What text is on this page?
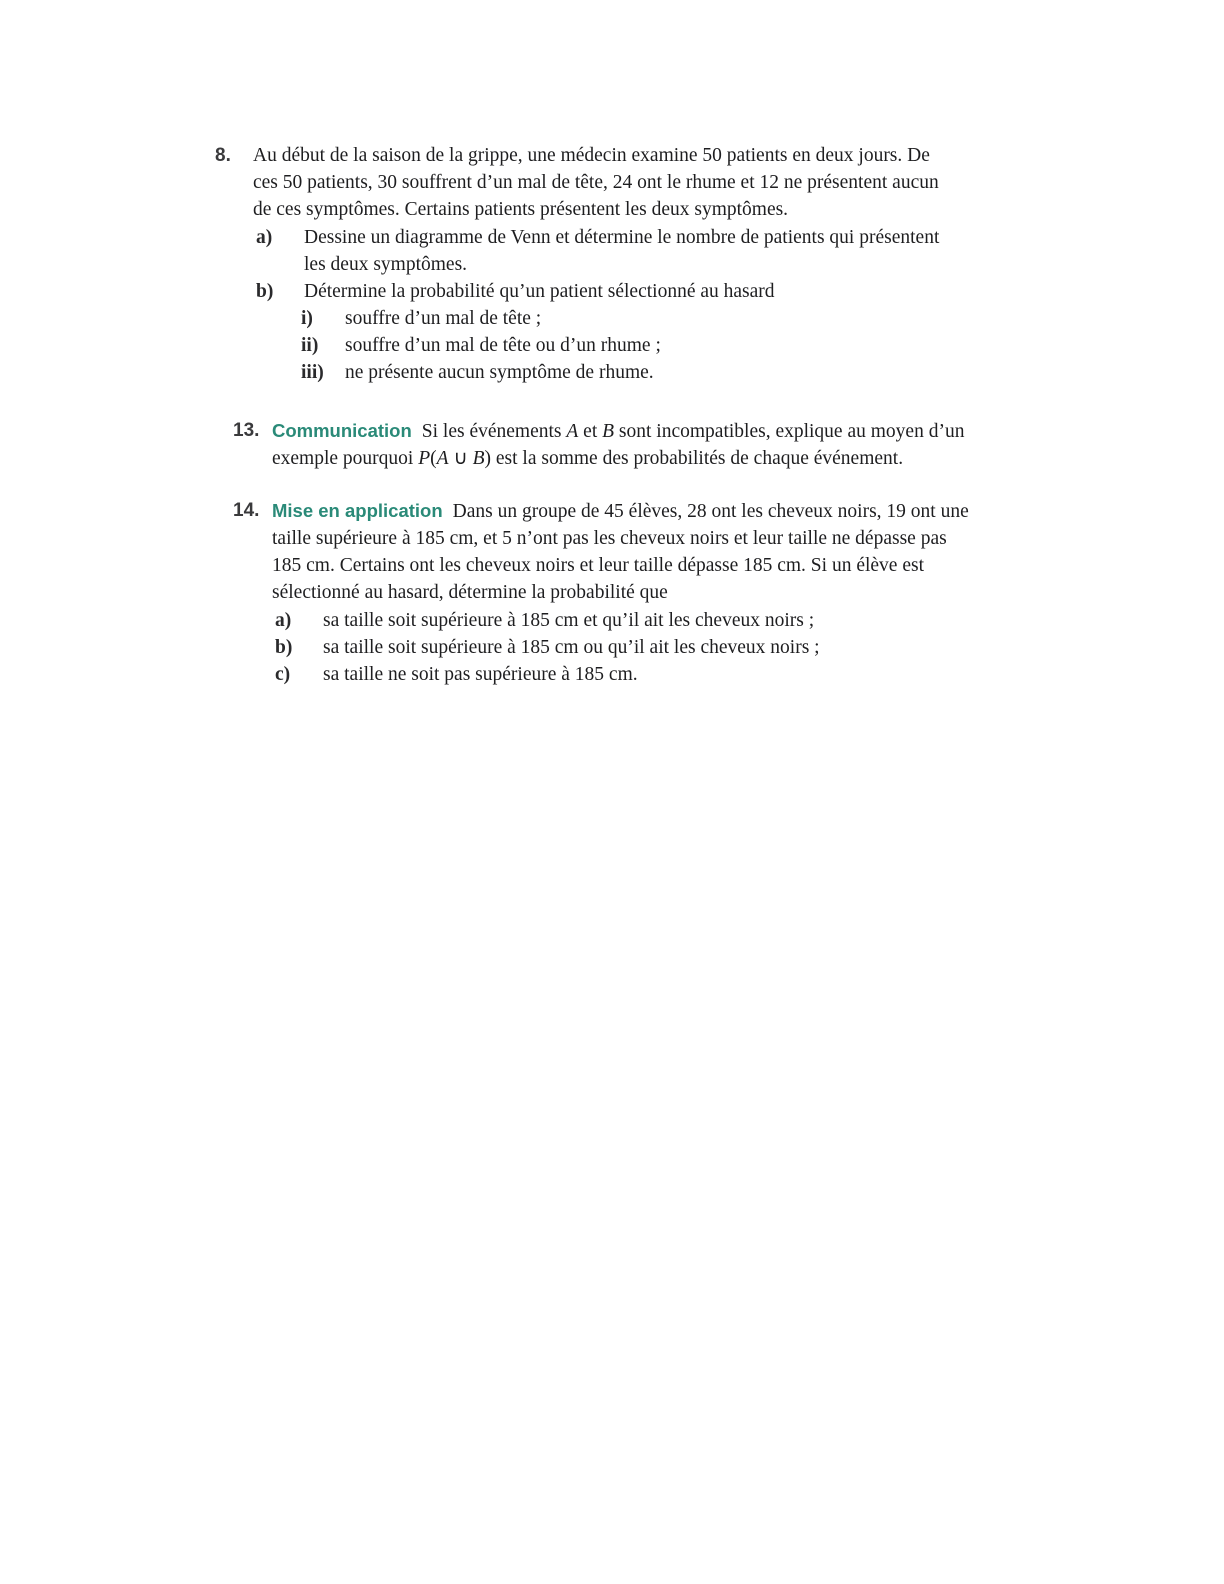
8.	Au début de la saison de la grippe, une médecin examine 50 patients en deux jours. De ces 50 patients, 30 souffrent d’un mal de tête, 24 ont le rhume et 12 ne présentent aucun de ces symptômes. Certains patients présentent les deux symptômes.

a)	Dessine un diagramme de Venn et détermine le nombre de patients qui présentent les deux symptômes.
b)	Détermine la probabilité qu’un patient sélectionné au hasard
i)	souffre d’un mal de tête ;
ii)	souffre d’un mal de tête ou d’un rhume ;
iii)	ne présente aucun symptôme de rhume.
13. Communication Si les événements A et B sont incompatibles, explique au moyen d’un exemple pourquoi P(A ∪ B) est la somme des probabilités de chaque événement.

14. Mise en application Dans un groupe de 45 élèves, 28 ont les cheveux noirs, 19 ont une taille supérieure à 185 cm, et 5 n’ont pas les cheveux noirs et leur taille ne dépasse pas 185 cm. Certains ont les cheveux noirs et leur taille dépasse 185 cm. Si un élève est sélectionné au hasard, détermine la probabilité que

a)	sa taille soit supérieure à 185 cm et qu’il ait les cheveux noirs ;
b)	sa taille soit supérieure à 185 cm ou qu’il ait les cheveux noirs ;
c)	sa taille ne soit pas supérieure à 185 cm.
